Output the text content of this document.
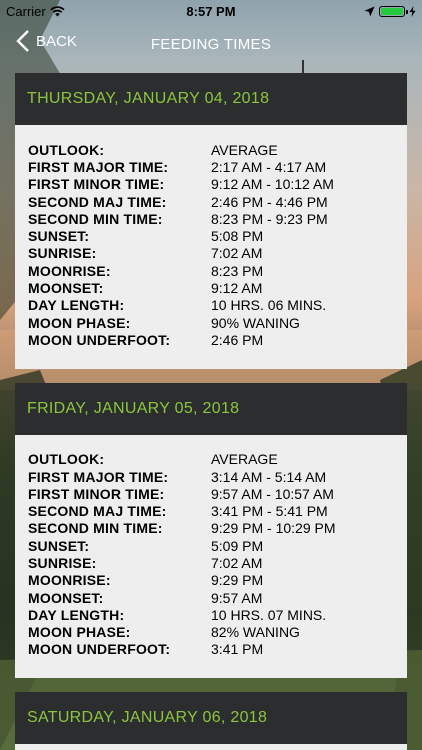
Carrier	8:57 PM
BACK	FEEDING TIMES
THURSDAY, JANUARY 04, 2018
OUTLOOK:	AVERAGE
FIRST MAJOR TIME:	2:17 AM - 4:17 AM
FIRST MINOR TIME:	9:12 AM - 10:12 AM
SECOND MAJ TIME:	2:46 PM - 4:46 PM
SECOND MIN TIME:	8:23 PM - 9:23 PM
SUNSET:	5:08 PM
SUNRISE:	7:02 AM
MOONRISE:	8:23 PM
MOONSET:	9:12 AM
DAY LENGTH:	10 HRS. 06 MINS.
MOON PHASE:	90% WANING
MOON UNDERFOOT:	2:46 PM
FRIDAY, JANUARY 05, 2018
OUTLOOK:	AVERAGE
FIRST MAJOR TIME:	3:14 AM - 5:14 AM
FIRST MINOR TIME:	9:57 AM - 10:57 AM
SECOND MAJ TIME:	3:41 PM - 5:41 PM
SECOND MIN TIME:	9:29 PM - 10:29 PM
SUNSET:	5:09 PM
SUNRISE:	7:02 AM
MOONRISE:	9:29 PM
MOONSET:	9:57 AM
DAY LENGTH:	10 HRS. 07 MINS.
MOON PHASE:	82% WANING
MOON UNDERFOOT:	3:41 PM
SATURDAY, JANUARY 06, 2018
